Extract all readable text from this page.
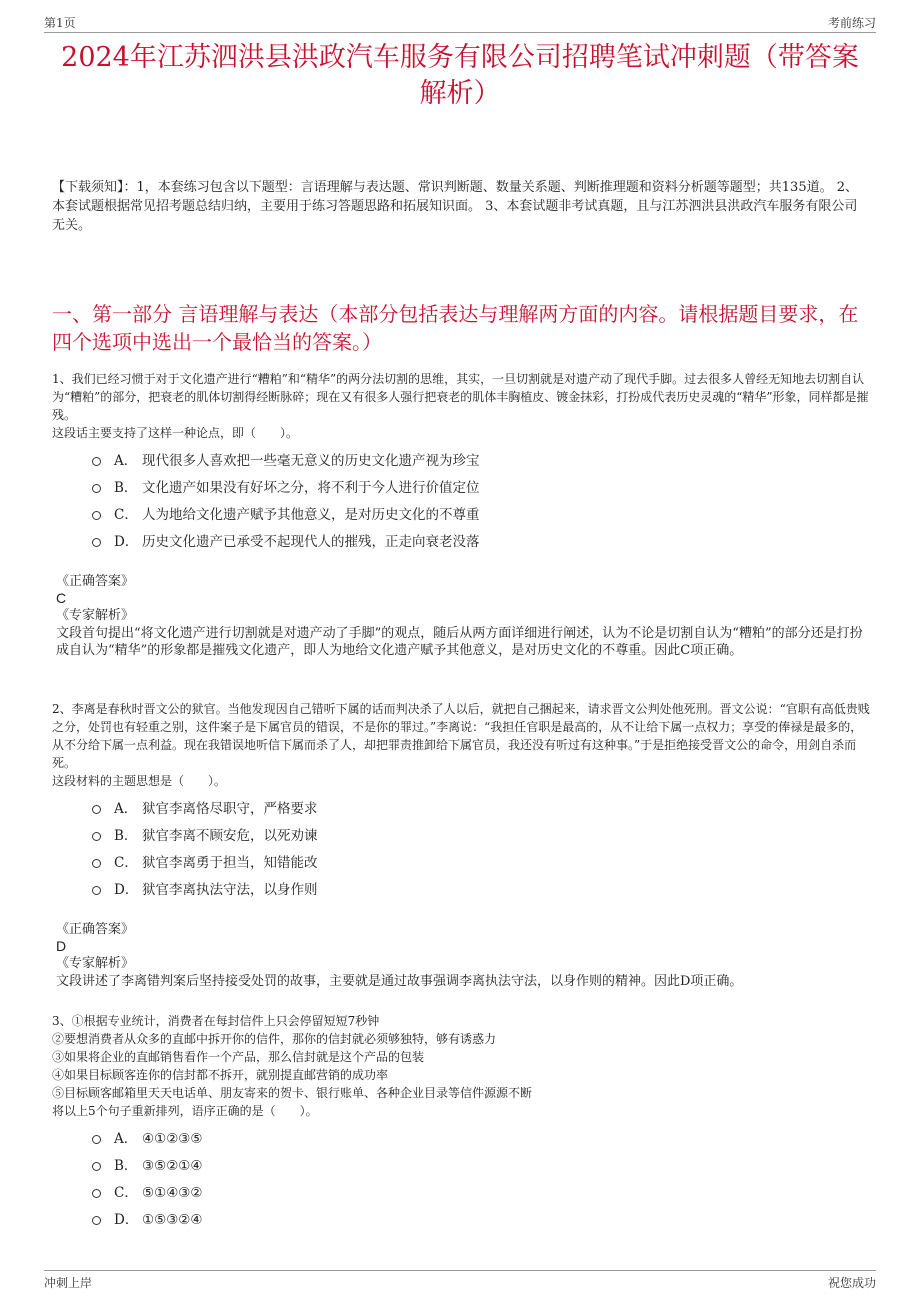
第1页	考前练习
2024年江苏泗洪县洪政汽车服务有限公司招聘笔试冲刺题（带答案解析）
【下载须知】：1，本套练习包含以下题型：言语理解与表达题、常识判断题、数量关系题、判断推理题和资料分析题等题型；共135道。 2、本套试题根据常见招考题总结归纳，主要用于练习答题思路和拓展知识面。 3、本套试题非考试真题，且与江苏泗洪县洪政汽车服务有限公司无关。
一、第一部分 言语理解与表达（本部分包括表达与理解两方面的内容。请根据题目要求，在四个选项中选出一个最恰当的答案。）
1、我们已经习惯于对于文化遗产进行“糟粕”和“精华”的两分法切割的思维，其实，一旦切割就是对遗产动了现代手脚。过去很多人曾经无知地去切割自认为“糟粕”的部分，把衰老的肌体切割得经断脉碎；现在又有很多人强行把衰老的肌体丰胸植皮、镀金抹彩，打扮成代表历史灵魂的“精华”形象，同样都是摧残。
这段话主要支持了这样一种论点，即（　　）。
A． 现代很多人喜欢把一些毫无意义的历史文化遗产视为珍宝
B． 文化遗产如果没有好坏之分，将不利于今人进行价值定位
C． 人为地给文化遗产赋予其他意义，是对历史文化的不尊重
D． 历史文化遗产已承受不起现代人的摧残，正走向衰老没落
《正确答案》
C
《专家解析》
文段首句提出“将文化遗产进行切割就是对遗产动了手脚”的观点，随后从两方面详细进行阐述，认为不论是切割自认为“糟粕”的部分还是打扮成自认为“精华”的形象都是摧残文化遗产，即人为地给文化遗产赋予其他意义，是对历史文化的不尊重。因此C项正确。
2、李离是春秋时晋文公的狱官。当他发现因自己错听下属的话而判决杀了人以后，就把自己捆起来，请求晋文公判处他死刑。晋文公说：“官职有高低贵贱之分，处罚也有轻重之别，这件案子是下属官员的错误，不是你的罪过。”李离说：“我担任官职是最高的，从不让给下属一点权力；享受的俸禄是最多的，从不分给下属一点利益。现在我错误地听信下属而杀了人，却把罪责推卸给下属官员，我还没有听过有这种事。”于是拒绝接受晋文公的命令，用剑自杀而死。
这段材料的主题思想是（　　）。
A． 狱官李离恪尽职守，严格要求
B． 狱官李离不顾安危，以死劝谏
C． 狱官李离勇于担当，知错能改
D． 狱官李离执法守法，以身作则
《正确答案》
D
《专家解析》
文段讲述了李离错判案后坚持接受处罚的故事，主要就是通过故事强调李离执法守法，以身作则的精神。因此D项正确。
3、①根据专业统计，消费者在每封信件上只会停留短短7秒钟
②要想消费者从众多的直邮中拆开你的信件，那你的信封就必须够独特，够有诱惑力
③如果将企业的直邮销售看作一个产品，那么信封就是这个产品的包装
④如果目标顾客连你的信封都不拆开，就别提直邮营销的成功率
⑤目标顾客邮箱里天天电话单、朋友寄来的贺卡、银行账单、各种企业目录等信件源源不断
将以上5个句子重新排列，语序正确的是（　　）。
A． ④①②③⑤
B． ③⑤②①④
C． ⑤①④③②
D． ①⑤③②④
冲刺上岸	祝您成功
